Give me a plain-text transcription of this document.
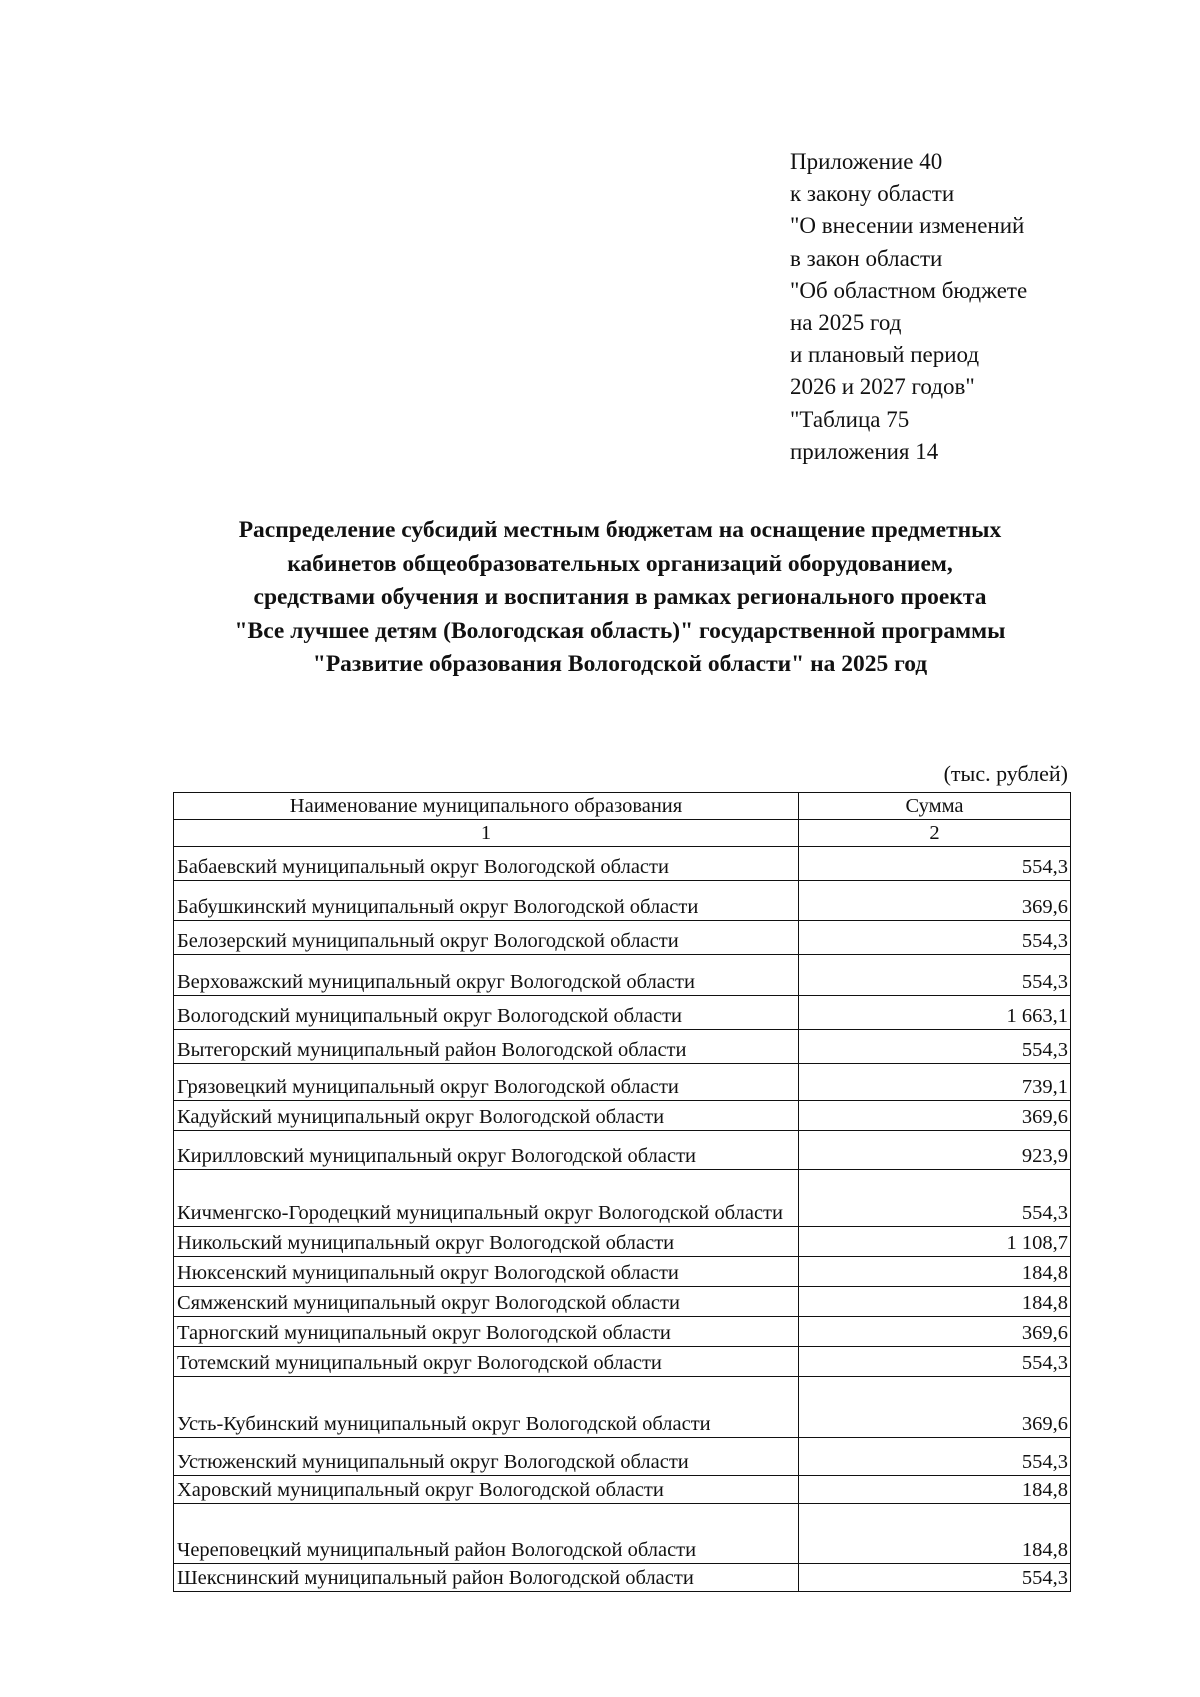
Приложение 40
к закону области
"О внесении изменений
в закон области
"Об областном бюджете
на 2025 год
и плановый период
2026 и 2027 годов"
"Таблица 75
приложения 14
Распределение субсидий местным бюджетам на оснащение предметных
кабинетов общеобразовательных организаций оборудованием,
средствами обучения и воспитания в рамках регионального проекта
"Все лучшее детям (Вологодская область)" государственной программы
"Развитие образования Вологодской области" на 2025 год
(тыс. рублей)
Наименование муниципального образования	Сумма
1	2
Бабаевский муниципальный округ Вологодской области	554,3
Бабушкинский муниципальный округ Вологодской области	369,6
Белозерский муниципальный округ Вологодской области	554,3
Верховажский муниципальный округ Вологодской области	554,3
Вологодский муниципальный округ Вологодской области	1 663,1
Вытегорский муниципальный район Вологодской области	554,3
Грязовецкий муниципальный округ Вологодской области	739,1
Кадуйский муниципальный округ Вологодской области	369,6
Кирилловский муниципальный округ Вологодской области	923,9
Кичменгско-Городецкий муниципальный округ Вологодской области	554,3
Никольский муниципальный округ Вологодской области	1 108,7
Нюксенский муниципальный округ Вологодской области	184,8
Сямженский муниципальный округ Вологодской области	184,8
Тарногский муниципальный округ Вологодской области	369,6
Тотемский муниципальный округ Вологодской области	554,3
Усть-Кубинский муниципальный округ Вологодской области	369,6
Устюженский муниципальный округ Вологодской области	554,3
Харовский муниципальный округ Вологодской области	184,8
Череповецкий муниципальный район Вологодской области	184,8
Шекснинский муниципальный район Вологодской области	554,3
